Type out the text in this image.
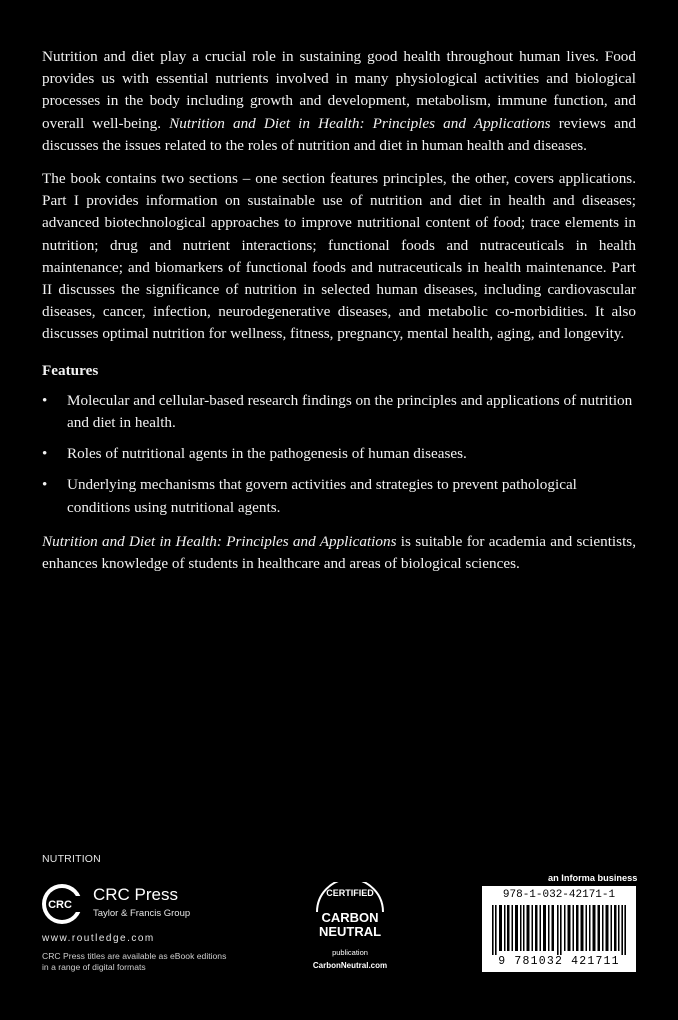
Nutrition and diet play a crucial role in sustaining good health throughout human lives. Food provides us with essential nutrients involved in many physiological activities and biological processes in the body including growth and development, metabolism, immune function, and overall well-being. Nutrition and Diet in Health: Principles and Applications reviews and discusses the issues related to the roles of nutrition and diet in human health and diseases.

The book contains two sections – one section features principles, the other, covers applications. Part I provides information on sustainable use of nutrition and diet in health and diseases; advanced biotechnological approaches to improve nutritional content of food; trace elements in nutrition; drug and nutrient interactions; functional foods and nutraceuticals in health maintenance; and biomarkers of functional foods and nutraceuticals in health maintenance. Part II discusses the significance of nutrition in selected human diseases, including cardiovascular diseases, cancer, infection, neurodegenerative diseases, and metabolic co-morbidities. It also discusses optimal nutrition for wellness, fitness, pregnancy, mental health, aging, and longevity.

Features
• Molecular and cellular-based research findings on the principles and applications of nutrition and diet in health.
• Roles of nutritional agents in the pathogenesis of human diseases.
• Underlying mechanisms that govern activities and strategies to prevent pathological conditions using nutritional agents.

Nutrition and Diet in Health: Principles and Applications is suitable for academia and scientists, enhances knowledge of students in healthcare and areas of biological sciences.

NUTRITION
CRC
CRC Press
Taylor & Francis Group
www.routledge.com
CRC Press titles are available as eBook editions
in a range of digital formats
CERTIFIED
CARBON
NEUTRAL
publication
CarbonNeutral.com
an Informa business
978-1-032-42171-1
9 781032 421711
